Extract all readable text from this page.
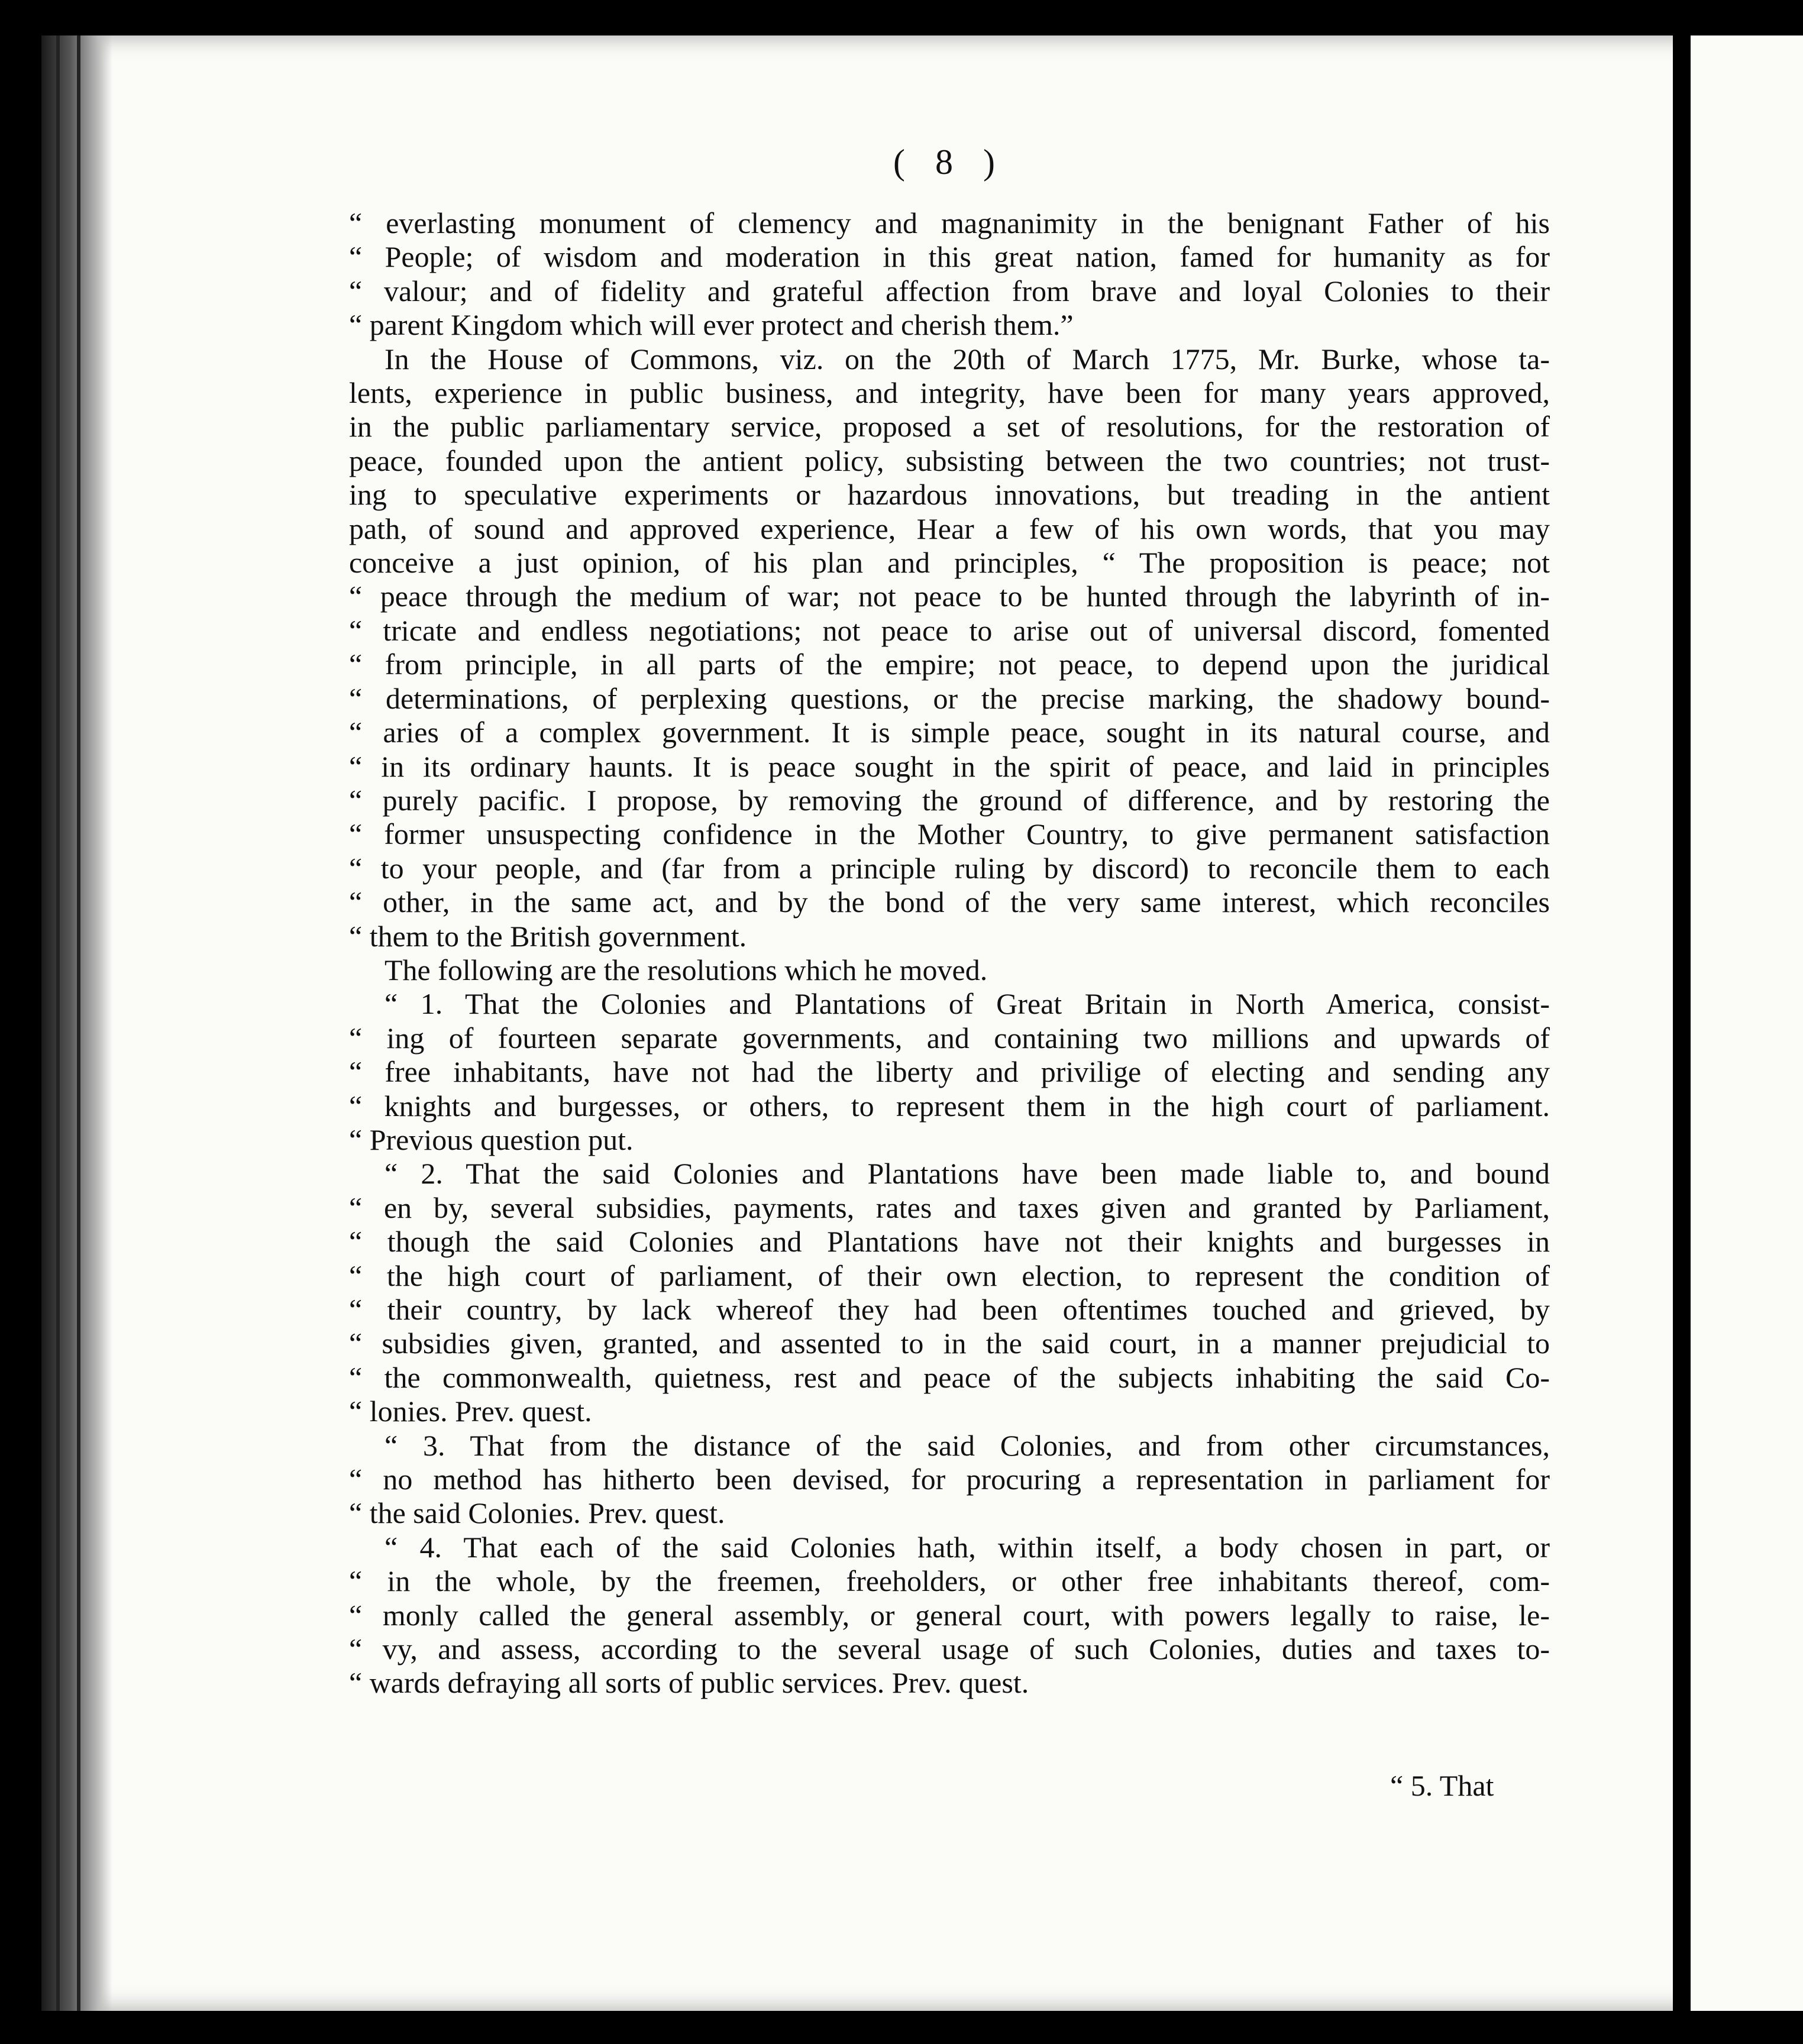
( 8 )
“ everlasting monument of clemency and magnanimity in the benignant Father of his
“ People; of wisdom and moderation in this great nation, famed for humanity as for
“ valour; and of fidelity and grateful affection from brave and loyal Colonies to their
“ parent Kingdom which will ever protect and cherish them.”
In the House of Commons, viz. on the 20th of March 1775, Mr. Burke, whose ta-
lents, experience in public business, and integrity, have been for many years approved,
in the public parliamentary service, proposed a set of resolutions, for the restoration of
peace, founded upon the antient policy, subsisting between the two countries; not trust-
ing to speculative experiments or hazardous innovations, but treading in the antient
path, of sound and approved experience, Hear a few of his own words, that you may
conceive a just opinion, of his plan and principles, “ The proposition is peace; not
“ peace through the medium of war; not peace to be hunted through the labyrinth of in-
“ tricate and endless negotiations; not peace to arise out of universal discord, fomented
“ from principle, in all parts of the empire; not peace, to depend upon the juridical
“ determinations, of perplexing questions, or the precise marking, the shadowy bound-
“ aries of a complex government. It is simple peace, sought in its natural course, and
“ in its ordinary haunts. It is peace sought in the spirit of peace, and laid in principles
“ purely pacific. I propose, by removing the ground of difference, and by restoring the
“ former unsuspecting confidence in the Mother Country, to give permanent satisfaction
“ to your people, and (far from a principle ruling by discord) to reconcile them to each
“ other, in the same act, and by the bond of the very same interest, which reconciles
“ them to the British government.
The following are the resolutions which he moved.
“ 1. That the Colonies and Plantations of Great Britain in North America, consist-
“ ing of fourteen separate governments, and containing two millions and upwards of
“ free inhabitants, have not had the liberty and privilige of electing and sending any
“ knights and burgesses, or others, to represent them in the high court of parliament.
“ Previous question put.
“ 2. That the said Colonies and Plantations have been made liable to, and bound
“ en by, several subsidies, payments, rates and taxes given and granted by Parliament,
“ though the said Colonies and Plantations have not their knights and burgesses in
“ the high court of parliament, of their own election, to represent the condition of
“ their country, by lack whereof they had been oftentimes touched and grieved, by
“ subsidies given, granted, and assented to in the said court, in a manner prejudicial to
“ the commonwealth, quietness, rest and peace of the subjects inhabiting the said Co-
“ lonies. Prev. quest.
“ 3. That from the distance of the said Colonies, and from other circumstances,
“ no method has hitherto been devised, for procuring a representation in parliament for
“ the said Colonies. Prev. quest.
“ 4. That each of the said Colonies hath, within itself, a body chosen in part, or
“ in the whole, by the freemen, freeholders, or other free inhabitants thereof, com-
“ monly called the general assembly, or general court, with powers legally to raise, le-
“ vy, and assess, according to the several usage of such Colonies, duties and taxes to-
“ wards defraying all sorts of public services. Prev. quest.
“ 5. That
